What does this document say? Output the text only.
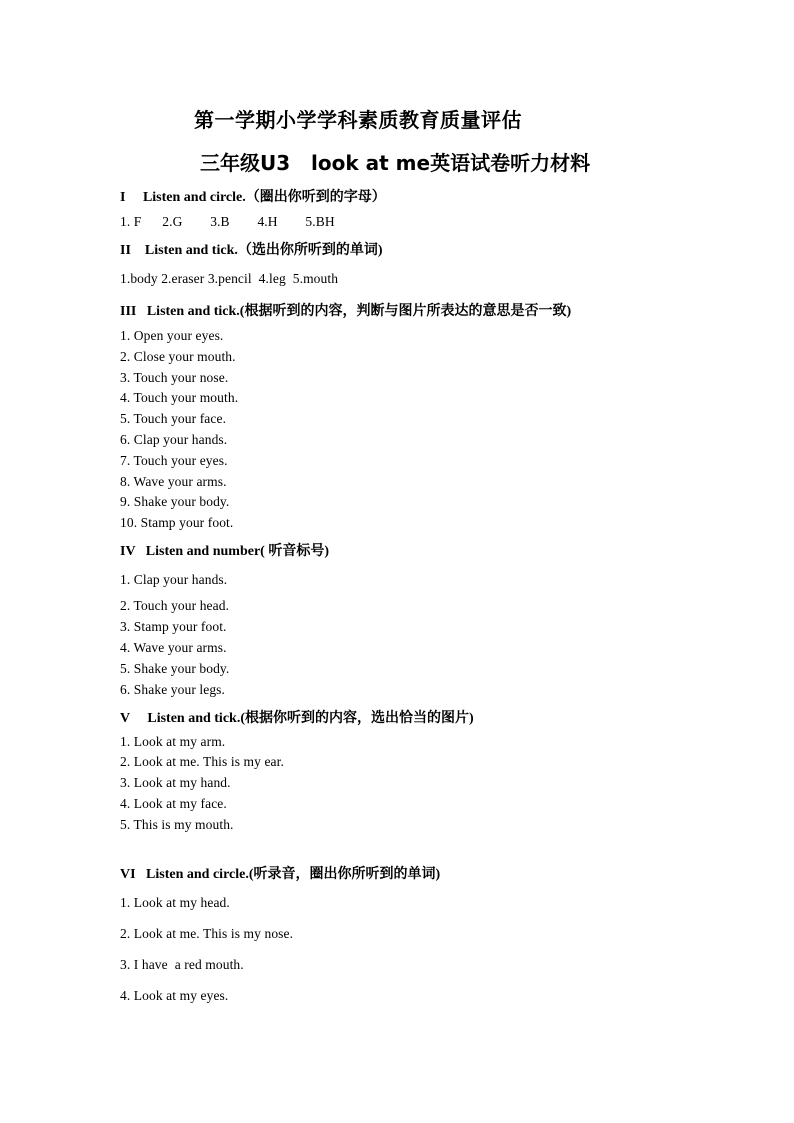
第一学期小学学科素质教育质量评估
三年级U3   look at me英语试卷听力材料
I     Listen and circle.（圈出你听到的字母）
1. F      2.G        3.B        4.H        5.BH
II    Listen and tick.（选出你所听到的单词)
1.body 2.eraser 3.pencil  4.leg  5.mouth
III   Listen and tick.(根据听到的内容，判断与图片所表达的意思是否一致)
1. Open your eyes.
2. Close your mouth.
3. Touch your nose.
4. Touch your mouth.
5. Touch your face.
6. Clap your hands.
7. Touch your eyes.
8. Wave your arms.
9. Shake your body.
10. Stamp your foot.
IV   Listen and number( 听音标号)
1. Clap your hands.
2. Touch your head.
3. Stamp your foot.
4. Wave your arms.
5. Shake your body.
6. Shake your legs.
V     Listen and tick.(根据你听到的内容，选出恰当的图片)
1. Look at my arm.
2. Look at me. This is my ear.
3. Look at my hand.
4. Look at my face.
5. This is my mouth.
VI   Listen and circle.(听录音，圈出你所听到的单词)
1. Look at my head.
2. Look at me. This is my nose.
3. I have  a red mouth.
4. Look at my eyes.
